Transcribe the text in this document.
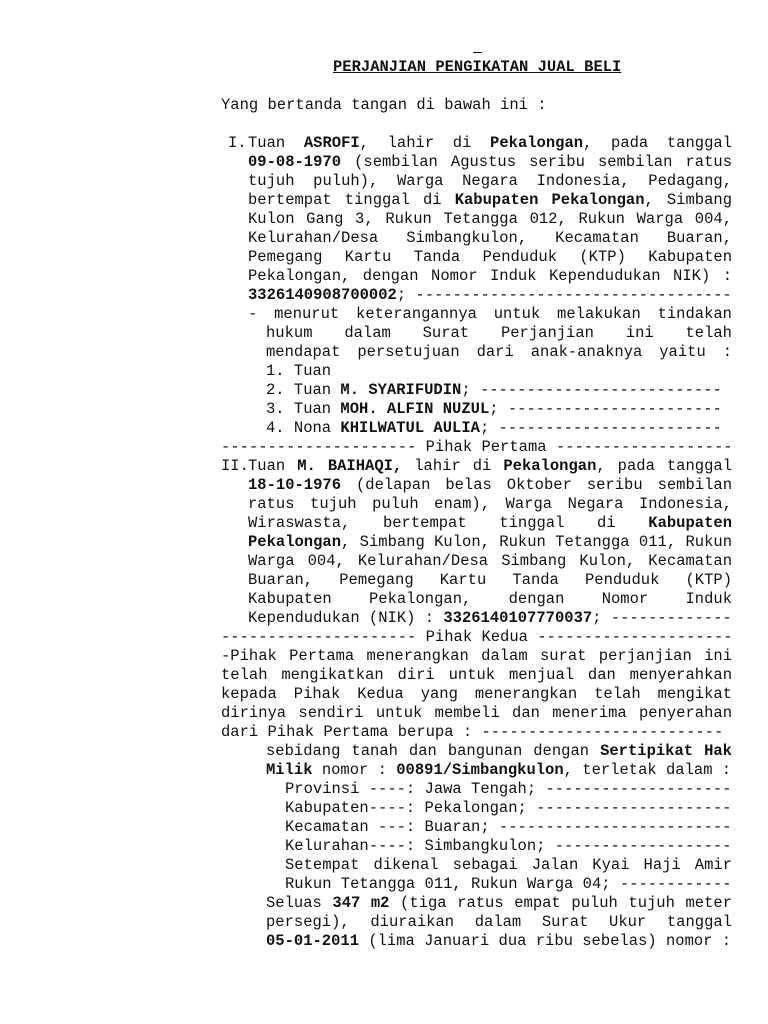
PERJANJIAN PENGIKATAN JUAL BELI
Yang bertanda tangan di bawah ini :
I. Tuan ASROFI, lahir di Pekalongan, pada tanggal
09-08-1970 (sembilan Agustus seribu sembilan ratus
tujuh puluh), Warga Negara Indonesia, Pedagang,
bertempat tinggal di Kabupaten Pekalongan, Simbang
Kulon Gang 3, Rukun Tetangga 012, Rukun Warga 004,
Kelurahan/Desa Simbangkulon, Kecamatan Buaran,
Pemegang Kartu Tanda Penduduk (KTP) Kabupaten
Pekalongan, dengan Nomor Induk Kependudukan NIK) :
3326140908700002; ----------------------------------
- menurut keterangannya untuk melakukan tindakan
hukum dalam Surat Perjanjian ini telah
mendapat persetujuan dari anak-anaknya yaitu :
1. Tuan
2. Tuan M. SYARIFUDIN; --------------------------
3. Tuan MOH. ALFIN NUZUL; -----------------------
4. Nona KHILWATUL AULIA; ------------------------
--------------------- Pihak Pertama -------------------
II. Tuan M. BAIHAQI, lahir di Pekalongan, pada tanggal
18-10-1976 (delapan belas Oktober seribu sembilan
ratus tujuh puluh enam), Warga Negara Indonesia,
Wiraswasta, bertempat tinggal di Kabupaten
Pekalongan, Simbang Kulon, Rukun Tetangga 011, Rukun
Warga 004, Kelurahan/Desa Simbang Kulon, Kecamatan
Buaran, Pemegang Kartu Tanda Penduduk (KTP)
Kabupaten Pekalongan, dengan Nomor Induk
Kependudukan (NIK) : 3326140107770037; -------------
--------------------- Pihak Kedua ---------------------
-Pihak Pertama menerangkan dalam surat perjanjian ini
telah mengikatkan diri untuk menjual dan menyerahkan
kepada Pihak Kedua yang menerangkan telah mengikat
dirinya sendiri untuk membeli dan menerima penyerahan
dari Pihak Pertama berupa : --------------------------
sebidang tanah dan bangunan dengan Sertipikat Hak
Milik nomor : 00891/Simbangkulon, terletak dalam :
Provinsi ----: Jawa Tengah; --------------------
Kabupaten----: Pekalongan; ---------------------
Kecamatan ---: Buaran; -------------------------
Kelurahan----: Simbangkulon; -------------------
Setempat dikenal sebagai Jalan Kyai Haji Amir
Rukun Tetangga 011, Rukun Warga 04; ------------
Seluas 347 m2 (tiga ratus empat puluh tujuh meter
persegi), diuraikan dalam Surat Ukur tanggal
05-01-2011 (lima Januari dua ribu sebelas) nomor :
